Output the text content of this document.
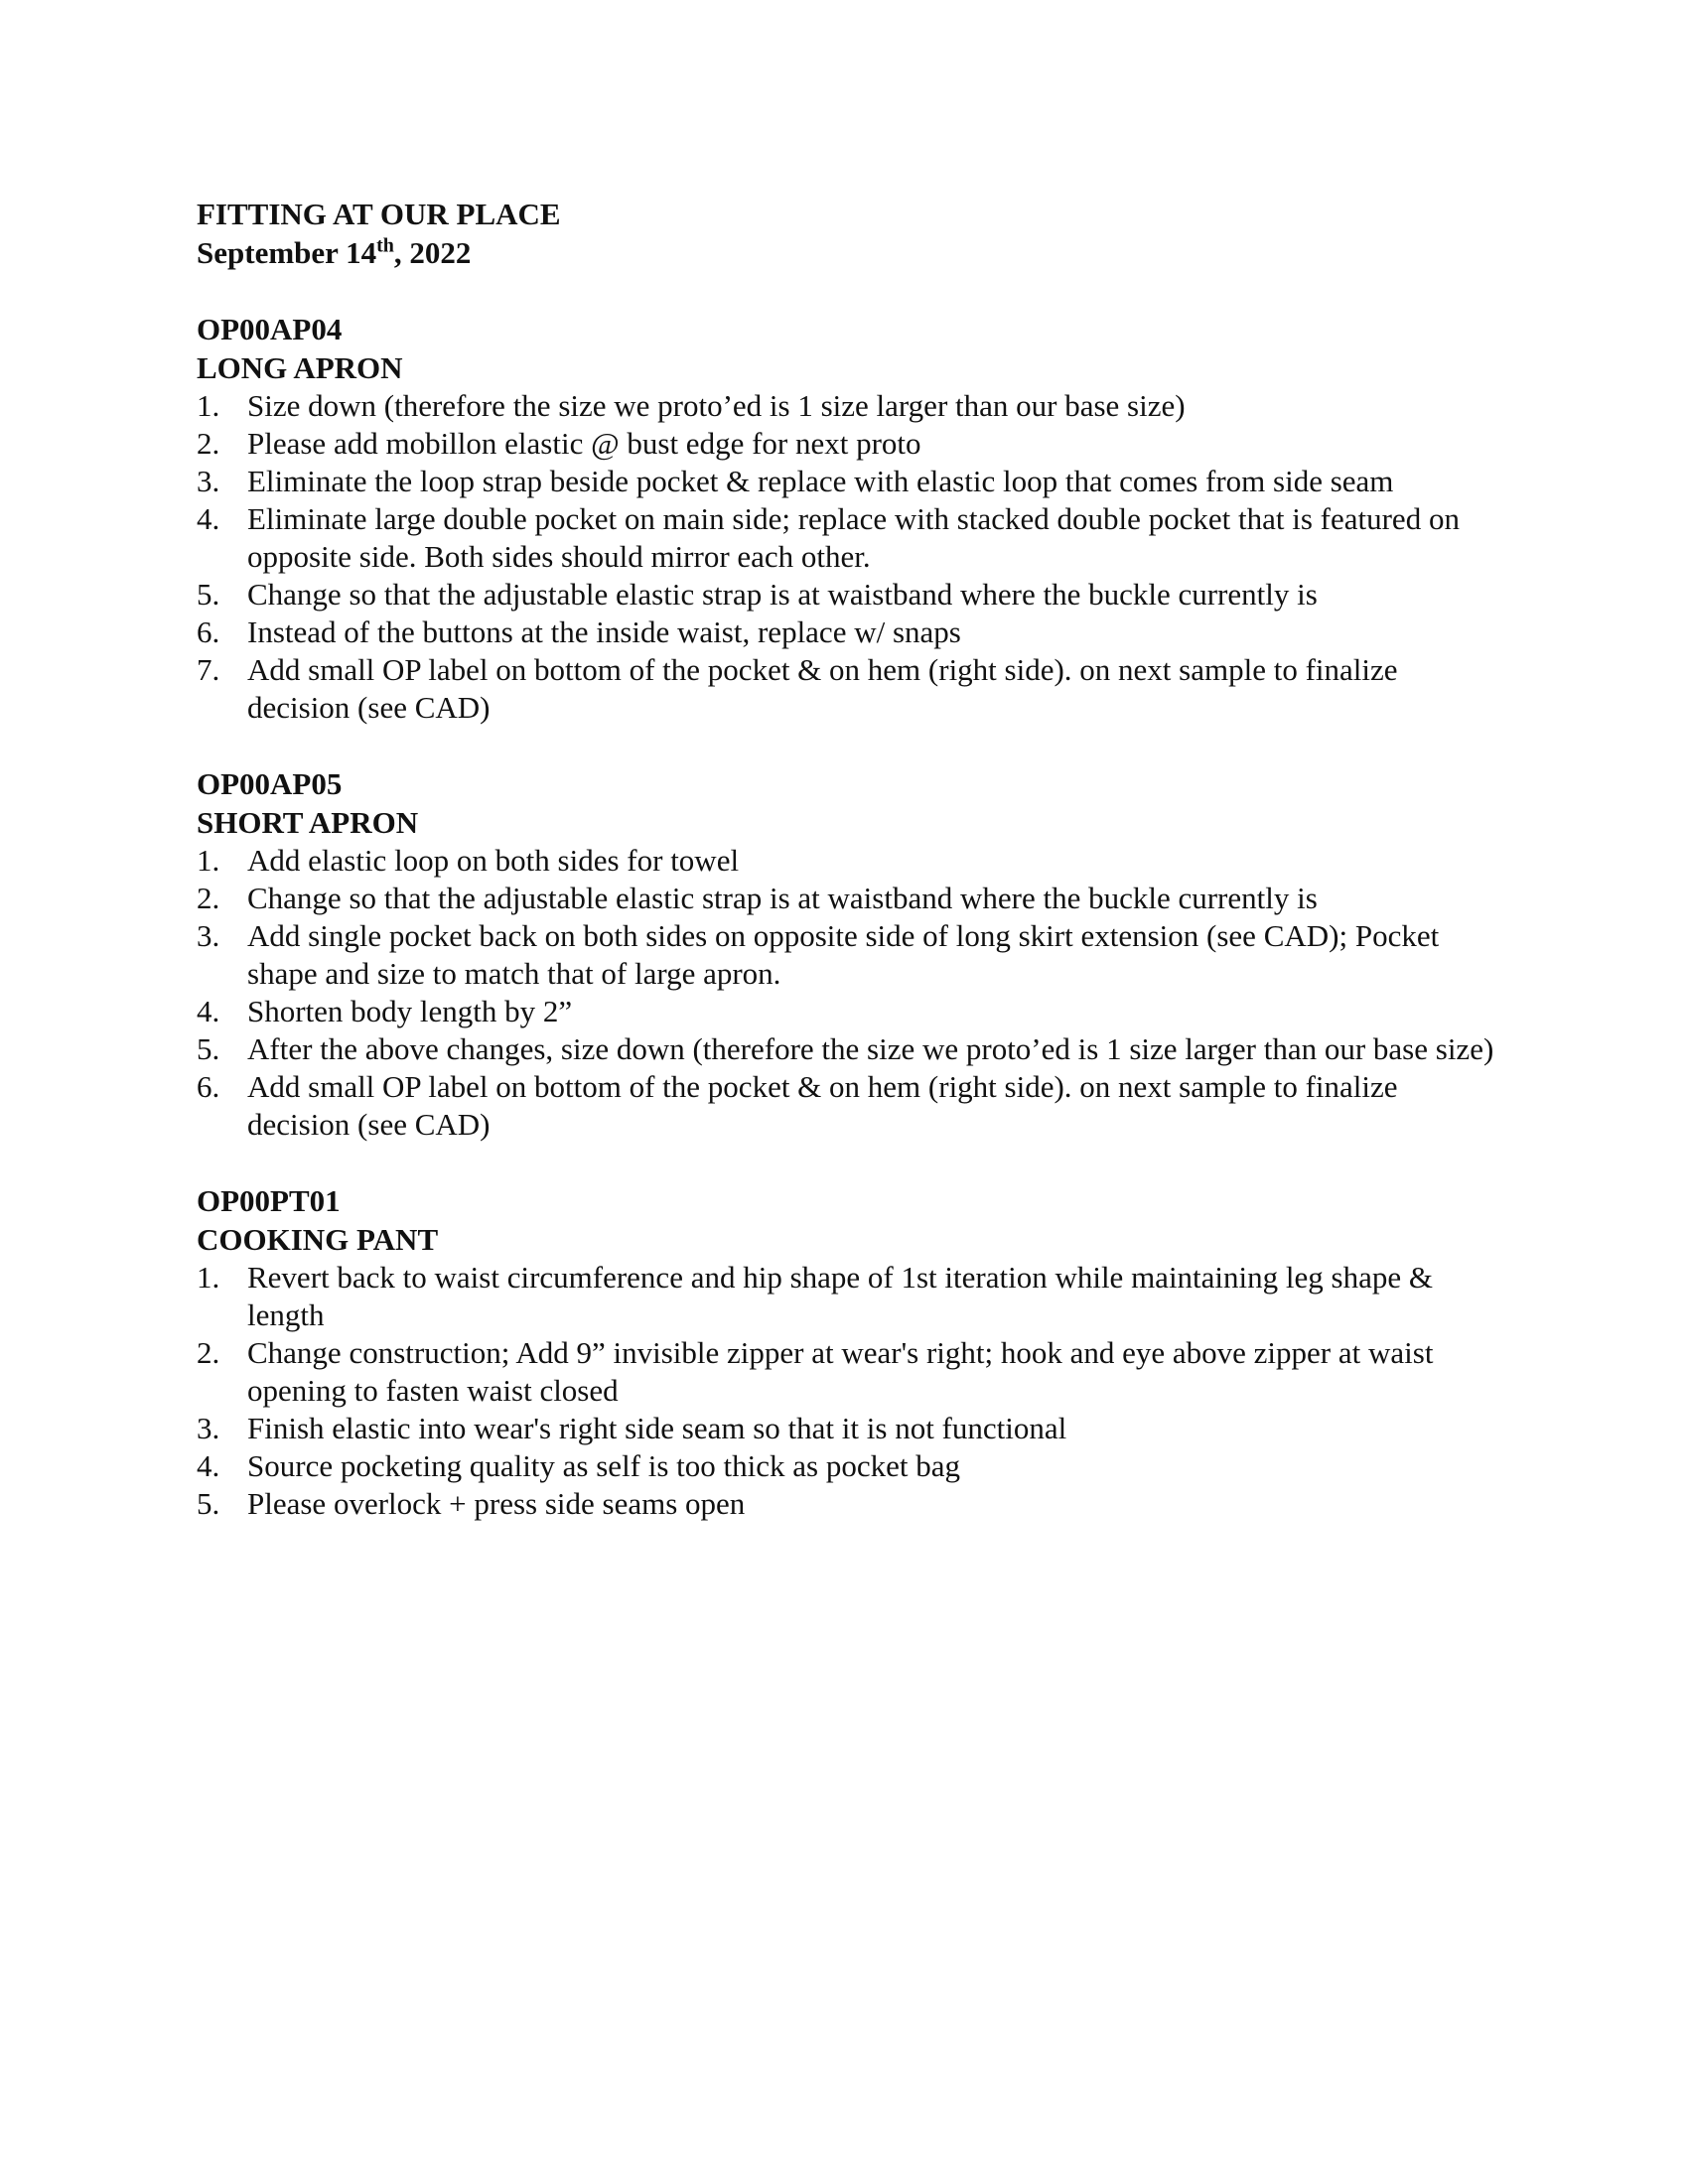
FITTING AT OUR PLACE
September 14th, 2022
OP00AP04
LONG APRON
1. Size down (therefore the size we proto’ed is 1 size larger than our base size)
2. Please add mobillon elastic @ bust edge for next proto
3. Eliminate the loop strap beside pocket & replace with elastic loop that comes from side seam
4. Eliminate large double pocket on main side; replace with stacked double pocket that is featured on opposite side. Both sides should mirror each other.
5. Change so that the adjustable elastic strap is at waistband where the buckle currently is
6. Instead of the buttons at the inside waist, replace w/ snaps
7. Add small OP label on bottom of the pocket & on hem (right side). on next sample to finalize decision (see CAD)
OP00AP05
SHORT APRON
1. Add elastic loop on both sides for towel
2. Change so that the adjustable elastic strap is at waistband where the buckle currently is
3. Add single pocket back on both sides on opposite side of long skirt extension (see CAD); Pocket shape and size to match that of large apron.
4. Shorten body length by 2”
5. After the above changes, size down (therefore the size we proto’ed is 1 size larger than our base size)
6. Add small OP label on bottom of the pocket & on hem (right side). on next sample to finalize decision (see CAD)
OP00PT01
COOKING PANT
1. Revert back to waist circumference and hip shape of 1st iteration while maintaining leg shape & length
2. Change construction; Add 9” invisible zipper at wear's right; hook and eye above zipper at waist opening to fasten waist closed
3. Finish elastic into wear's right side seam so that it is not functional
4. Source pocketing quality as self is too thick as pocket bag
5. Please overlock + press side seams open
